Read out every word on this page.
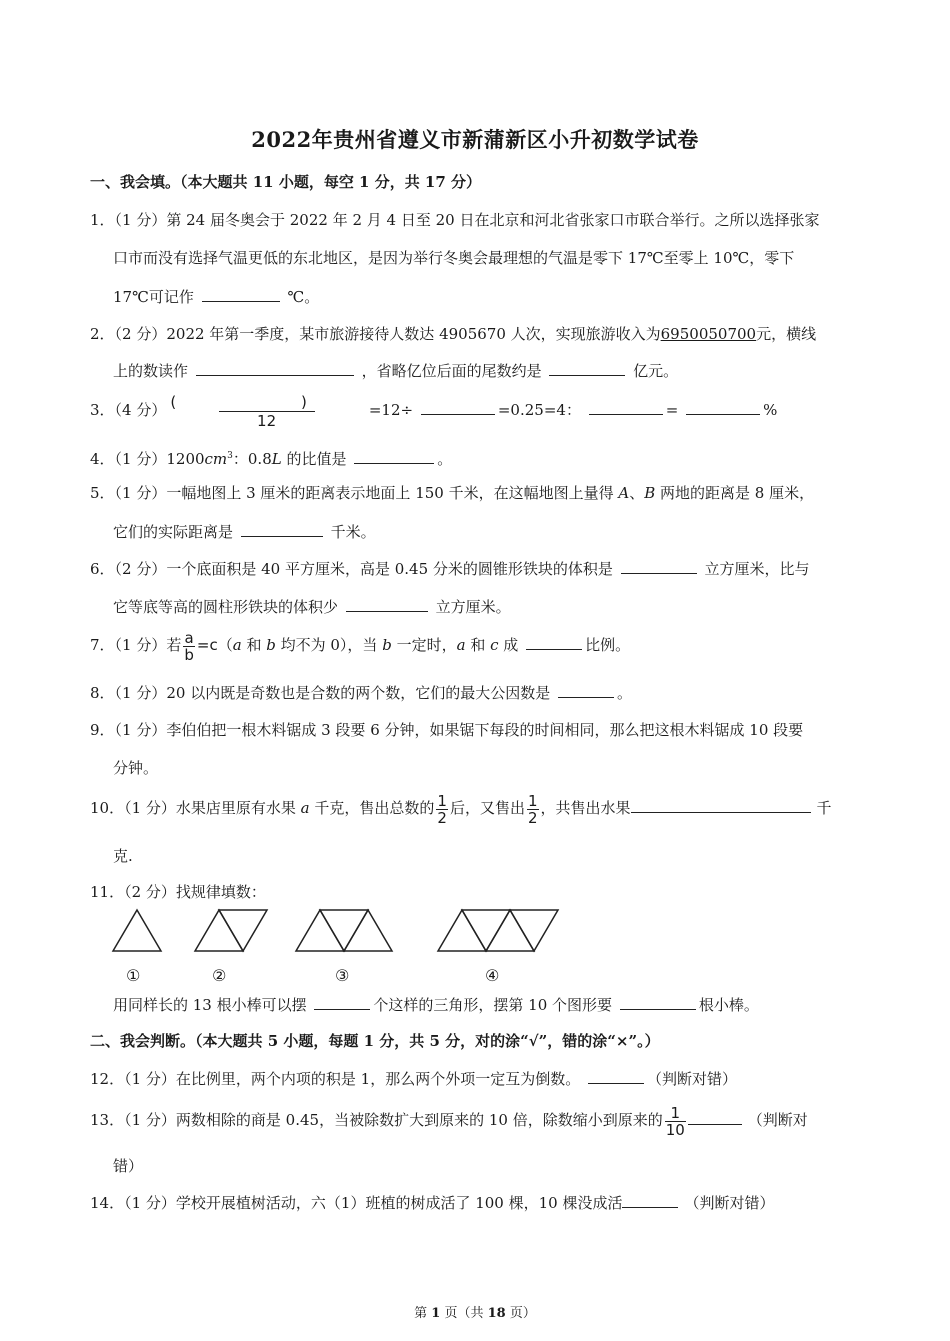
2022年贵州省遵义市新蒲新区小升初数学试卷
一、我会填。（本大题共 11 小题，每空 1 分，共 17 分）
1．（1 分）第 24 届冬奥会于 2022 年 2 月 4 日至 20 日在北京和河北省张家口市联合举行。之所以选择张家
口市而没有选择气温更低的东北地区，是因为举行冬奥会最理想的气温是零下 17℃至零上 10℃，零下
17℃可记作	℃。
2．（2 分）2022 年第一季度，某市旅游接待人数达 4905670 人次，实现旅游收入为6950050700元，横线
上的数读作	，省略亿位后面的尾数约是	亿元。
3．（4 分） $\frac{( )}{12} =12\div$	=0.25=4：	=	%
4．（1 分）$1200cm^3$：0.8L 的比值是	。
5．（1 分）一幅地图上 3 厘米的距离表示地面上 150 千米，在这幅地图上量得 A、B 两地的距离是 8 厘米，
它们的实际距离是	千米。
6．（2 分）一个底面积是 40 平方厘米，高是 0.45 分米的圆锥形铁块的体积是	立方厘米，比与
它等底等高的圆柱形铁块的体积少	立方厘米。
7．（1 分）若 $\frac{a}{b} =c(a$ 和 b 均不为 0），当 b 一定时，a 和 c 成	比例。
8．（1 分）20 以内既是奇数也是合数的两个数，它们的最大公因数是	。
9．（1 分）李伯伯把一根木料锯成 3 段要 6 分钟，如果锯下每段的时间相同，那么把这根木料锯成 10 段要
分钟。
10．（1 分）水果店里原有水果 a 千克，售出总数的 $\frac{1}{2}$ 后，又售出 $\frac{1}{2}$ ，共售出水果	千
克.
11．（2 分）找规律填数：
①	②	③	④
用同样长的 13 根小棒可以摆	个这样的三角形，摆第 10 个图形要	根小棒。
二、我会判断。（本大题共 5 小题，每题 1 分，共 5 分，对的涂“√”，错的涂“×”。）
12．（1 分）在比例里，两个内项的积是 1，那么两个外项一定互为倒数。	（判断对错）
13．（1 分）两数相除的商是 0.45，当被除数扩大到原来的 10 倍，除数缩小到原来的 $\frac{1}{10}$	（判断对
错）
14．（1 分）学校开展植树活动，六（1）班植的树成活了 100 棵，10 棵没成活	（判断对错）
第 1 页（共 18 页）
